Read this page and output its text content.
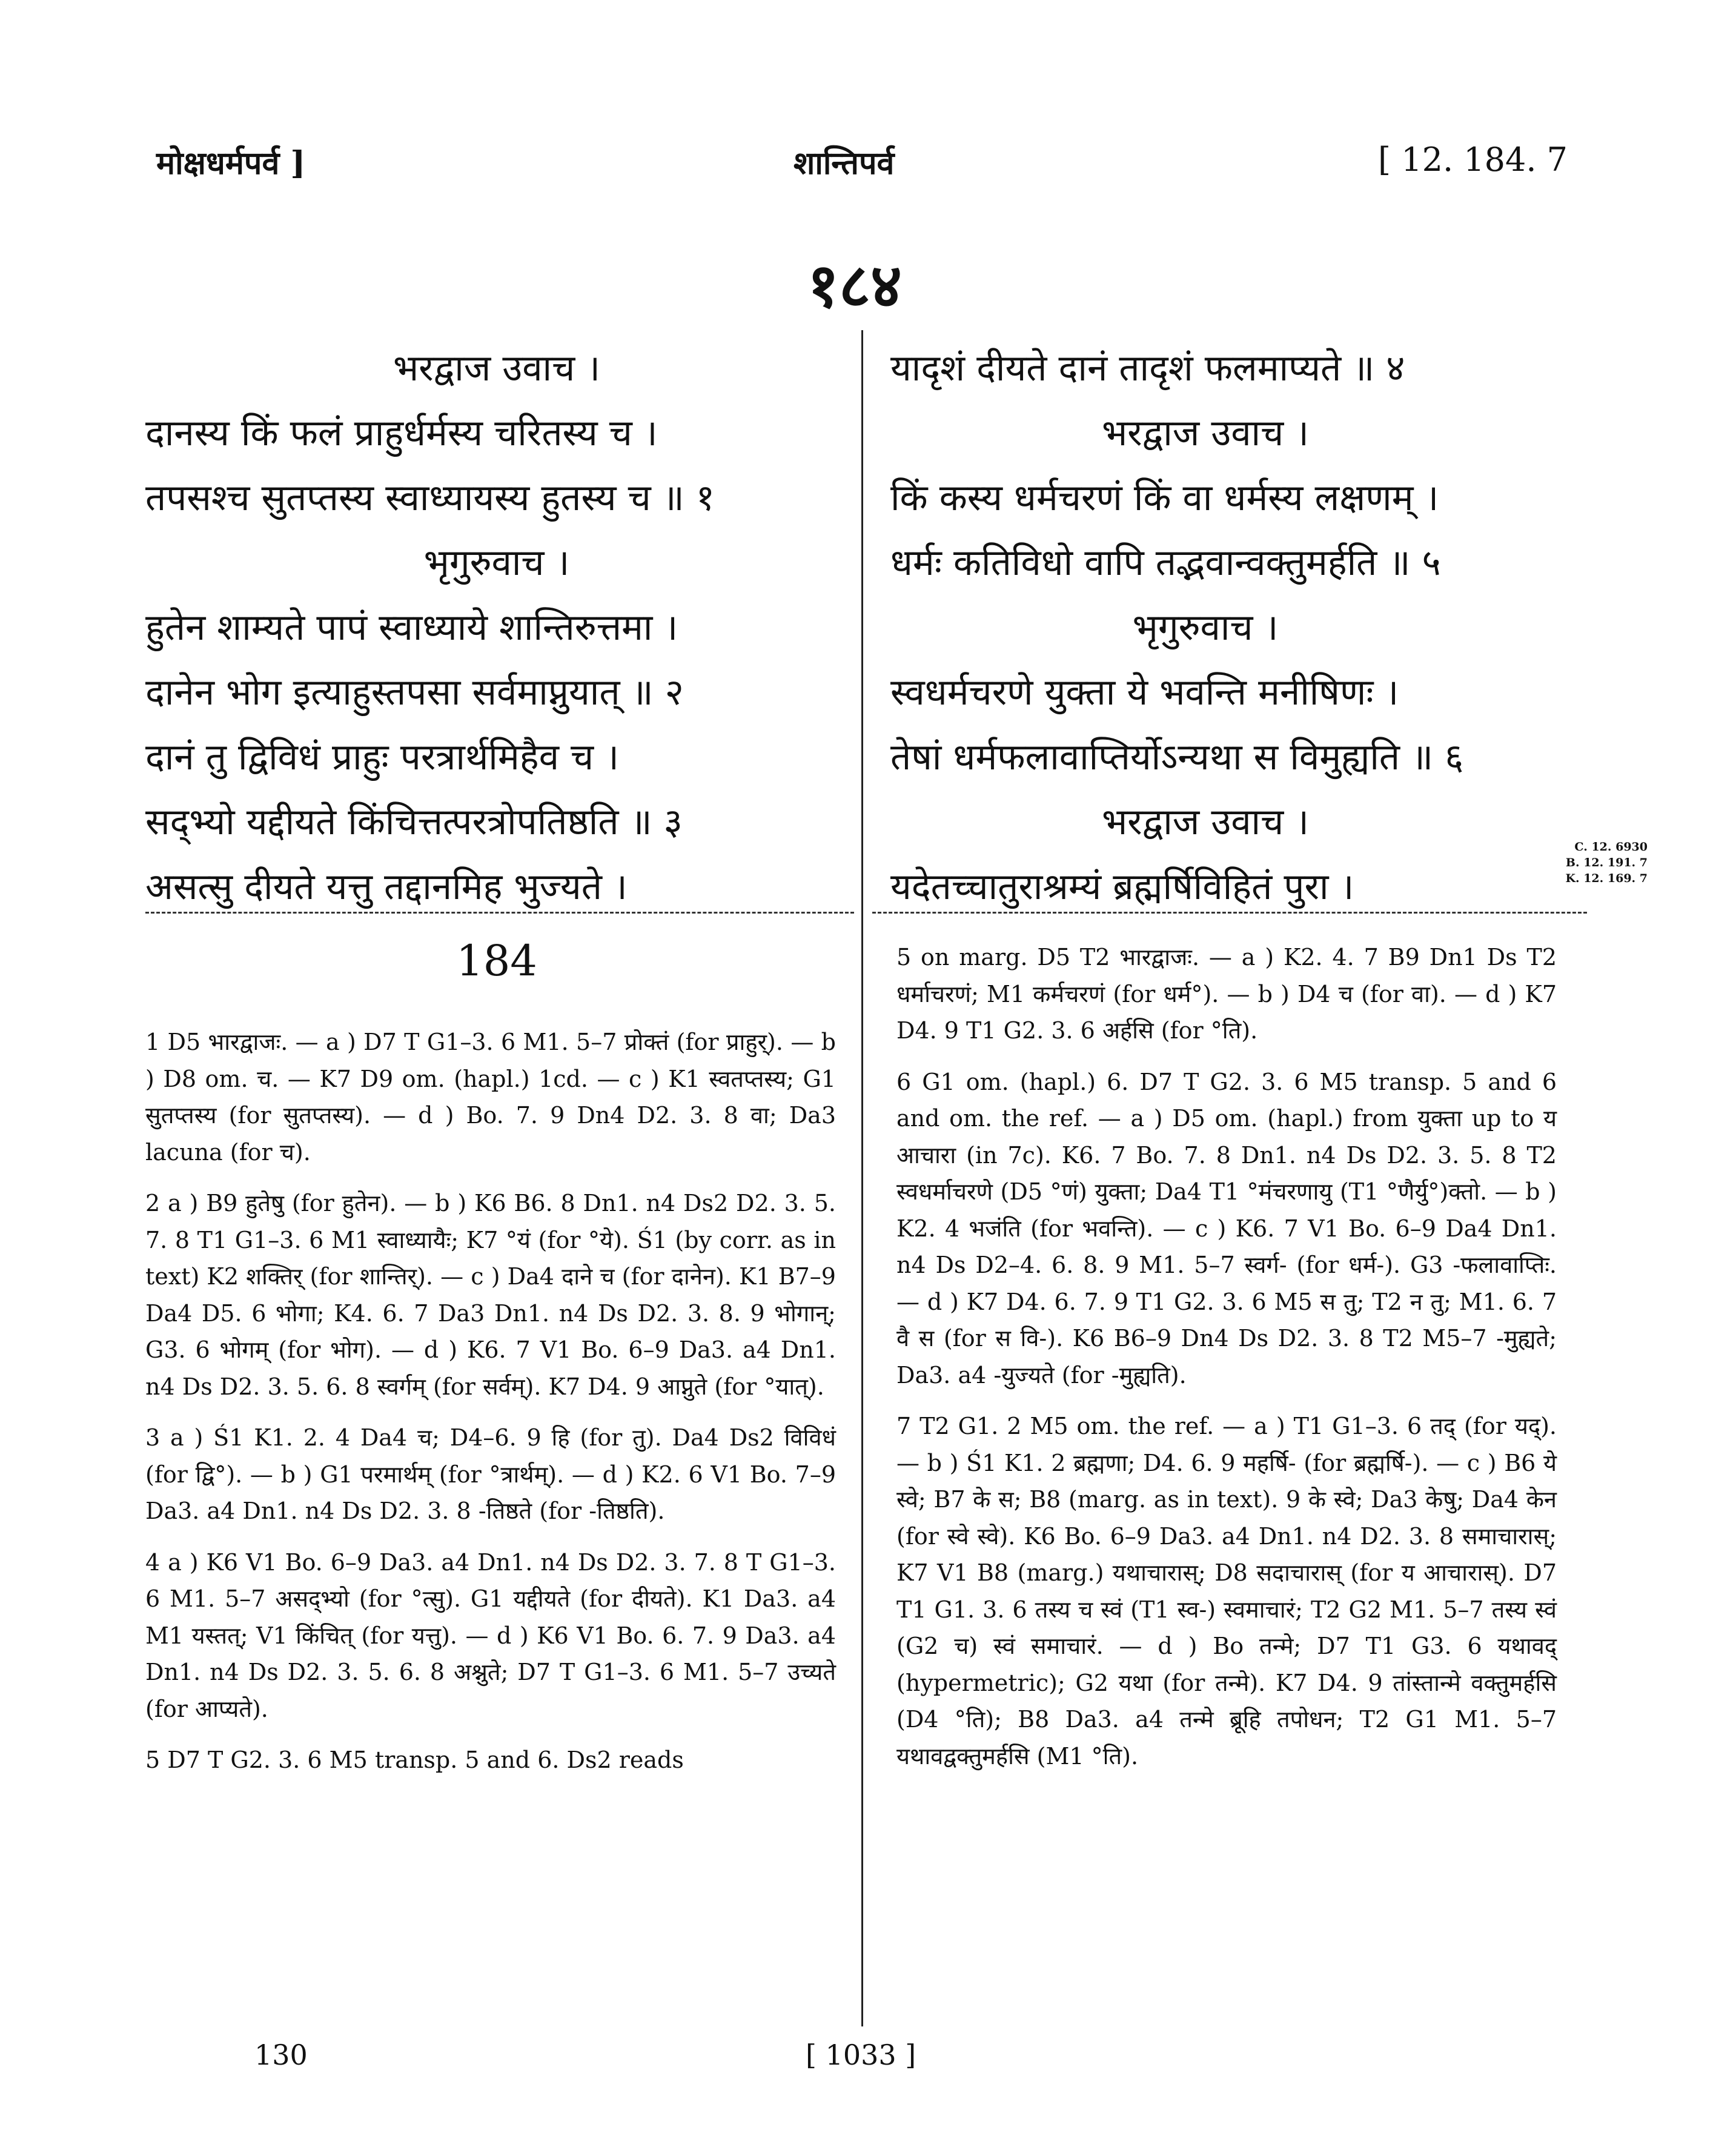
मोक्षधर्मपर्व ]	शान्तिपर्व	[ 12. 184. 7
१८४
भरद्वाज उवाच ।
दानस्य किं फलं प्राहुर्धर्मस्य चरितस्य च ।
तपसश्च सुतप्तस्य स्वाध्यायस्य हुतस्य च ॥ १
भृगुरुवाच ।
हुतेन शाम्यते पापं स्वाध्याये शान्तिरुत्तमा ।
दानेन भोग इत्याहुस्तपसा सर्वमाप्नुयात् ॥ २
दानं तु द्विविधं प्राहुः परत्रार्थमिहैव च ।
सद्भ्यो यद्दीयते किंचित्तत्परत्रोपतिष्ठति ॥ ३
असत्सु दीयते यत्तु तद्दानमिह भुज्यते ।
यादृशं दीयते दानं तादृशं फलमाप्यते ॥ ४
भरद्वाज उवाच ।
किं कस्य धर्मचरणं किं वा धर्मस्य लक्षणम् ।
धर्मः कतिविधो वापि तद्भवान्वक्तुमर्हति ॥ ५
भृगुरुवाच ।
स्वधर्मचरणे युक्ता ये भवन्ति मनीषिणः ।
तेषां धर्मफलावाप्तिर्योऽन्यथा स विमुह्यति ॥ ६
भरद्वाज उवाच ।
यदेतच्चातुराश्रम्यं ब्रह्मर्षिविहितं पुरा ।
C. 12. 6930
B. 12. 191. 7
K. 12. 169. 7
184

1 D5 भारद्वाजः. — a ) D7 T G1–3. 6 M1. 5–7 प्रोक्तं (for प्राहुर्). — b ) D8 om. च. — K7 D9 om. (hapl.) 1cd. — c ) K1 स्वतप्तस्य; G1 सुतप्तस्य (for सुतप्तस्य). — d ) Bo. 7. 9 Dn4 D2. 3. 8 वा; Da3 lacuna (for च).

2 a ) B9 हुतेषु (for हुतेन). — b ) K6 B6. 8 Dn1. n4 Ds2 D2. 3. 5. 7. 8 T1 G1–3. 6 M1 स्वाध्यायैः; K7 °यं (for °ये). Ś1 (by corr. as in text) K2 शक्तिर् (for शान्तिर्). — c ) Da4 दाने च (for दानेन). K1 B7–9 Da4 D5. 6 भोगा; K4. 6. 7 Da3 Dn1. n4 Ds D2. 3. 8. 9 भोगान्; G3. 6 भोगम् (for भोग). — d ) K6. 7 V1 Bo. 6–9 Da3. a4 Dn1. n4 Ds D2. 3. 5. 6. 8 स्वर्गम् (for सर्वम्). K7 D4. 9 आप्नुते (for °यात्).

3 a ) Ś1 K1. 2. 4 Da4 च; D4–6. 9 हि (for तु). Da4 Ds2 विविधं (for द्वि°). — b ) G1 परमार्थम् (for °त्रार्थम्). — d ) K2. 6 V1 Bo. 7–9 Da3. a4 Dn1. n4 Ds D2. 3. 8 -तिष्ठते (for -तिष्ठति).

4 a ) K6 V1 Bo. 6–9 Da3. a4 Dn1. n4 Ds D2. 3. 7. 8 T G1–3. 6 M1. 5–7 असद्भ्यो (for °त्सु). G1 यद्दीयते (for दीयते). K1 Da3. a4 M1 यस्तत्; V1 किंचित् (for यत्तु). — d ) K6 V1 Bo. 6. 7. 9 Da3. a4 Dn1. n4 Ds D2. 3. 5. 6. 8 अश्नुते; D7 T G1–3. 6 M1. 5–7 उच्यते (for आप्यते).

5 D7 T G2. 3. 6 M5 transp. 5 and 6. Ds2 reads

5 on marg. D5 T2 भारद्वाजः. — a ) K2. 4. 7 B9 Dn1 Ds T2 धर्माचरणं; M1 कर्मचरणं (for धर्म°). — b ) D4 च (for वा). — d ) K7 D4. 9 T1 G2. 3. 6 अर्हसि (for °ति).

6 G1 om. (hapl.) 6. D7 T G2. 3. 6 M5 transp. 5 and 6 and om. the ref. — a ) D5 om. (hapl.) from युक्ता up to य आचारा (in 7c). K6. 7 Bo. 7. 8 Dn1. n4 Ds D2. 3. 5. 8 T2 स्वधर्माचरणे (D5 °णं) युक्ता; Da4 T1 °मंचरणायु (T1 °णैर्यु°)क्तो. — b ) K2. 4 भजंति (for भवन्ति). — c ) K6. 7 V1 Bo. 6–9 Da4 Dn1. n4 Ds D2–4. 6. 8. 9 M1. 5–7 स्वर्ग- (for धर्म-). G3 -फलावाप्तिः. — d ) K7 D4. 6. 7. 9 T1 G2. 3. 6 M5 स तु; T2 न तु; M1. 6. 7 वै स (for स वि-). K6 B6–9 Dn4 Ds D2. 3. 8 T2 M5–7 -मुह्यते; Da3. a4 -युज्यते (for -मुह्यति).

7 T2 G1. 2 M5 om. the ref. — a ) T1 G1–3. 6 तद् (for यद्). — b ) Ś1 K1. 2 ब्रह्मणा; D4. 6. 9 महर्षि- (for ब्रह्मर्षि-). — c ) B6 ये स्वे; B7 के स; B8 (marg. as in text). 9 के स्वे; Da3 केषु; Da4 केन (for स्वे स्वे). K6 Bo. 6–9 Da3. a4 Dn1. n4 D2. 3. 8 समाचारास्; K7 V1 B8 (marg.) यथाचारास्; D8 सदाचारास् (for य आचारास्). D7 T1 G1. 3. 6 तस्य च स्वं (T1 स्व-) स्वमाचारं; T2 G2 M1. 5–7 तस्य स्वं (G2 च) स्वं समाचारं. — d ) Bo तन्मे; D7 T1 G3. 6 यथावद् (hypermetric); G2 यथा (for तन्मे). K7 D4. 9 तांस्तान्मे वक्तुमर्हसि (D4 °ति); B8 Da3. a4 तन्मे ब्रूहि तपोधन; T2 G1 M1. 5–7 यथावद्वक्तुमर्हसि (M1 °ति).

130	[ 1033 ]
